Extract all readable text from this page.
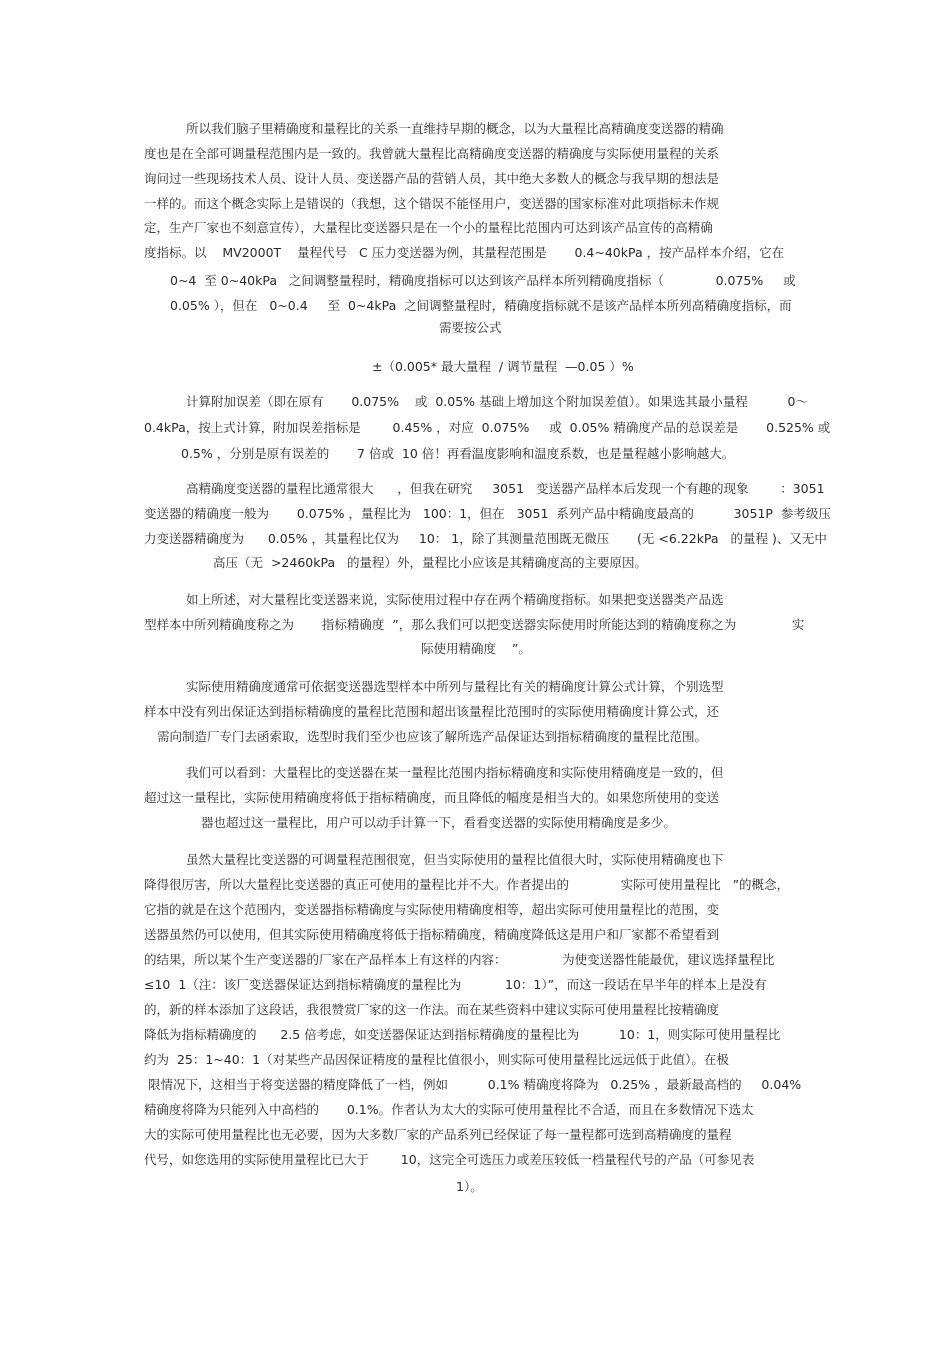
所以我们脑子里精确度和量程比的关系一直维持早期的概念，以为大量程比高精确度变送器的精确
度也是在全部可调量程范围内是一致的。我曾就大量程比高精确度变送器的精确度与实际使用量程的关系
询问过一些现场技术人员、设计人员、变送器产品的营销人员，其中绝大多数人的概念与我早期的想法是
一样的。而这个概念实际上是错误的（我想，这个错误不能怪用户，变送器的国家标准对此项指标未作规
定，生产厂家也不刻意宣传），大量程比变送器只是在一个小的量程比范围内可达到该产品宣传的高精确
度指标。以    MV2000T    量程代号   C 压力变送器为例，其量程范围是       0.4~40kPa ，按产品样本介绍，它在
0~4  至 0~40kPa   之间调整量程时，精确度指标可以达到该产品样本所列精确度指标（             0.075%     或
0.05% ），但在   0~0.4     至  0~4kPa  之间调整量程时，精确度指标就不是该产品样本所列高精确度指标，而
需要按公式
±（0.005* 最大量程  / 调节量程  —0.05 ）%
计算附加误差（即在原有       0.075%    或  0.05% 基础上增加这个附加误差值）。如果选其最小量程          0～
0.4kPa，按上式计算，附加误差指标是        0.45% ，对应  0.075%     或  0.05% 精确度产品的总误差是       0.525% 或
0.5% ，分别是原有误差的       7 倍或  10 倍！再看温度影响和温度系数，也是量程越小影响越大。
高精确度变送器的量程比通常很大      ，但我在研究     3051   变送器产品样本后发现一个有趣的现象        ：3051
变送器的精确度一般为       0.075% ，量程比为   100：1，但在   3051  系列产品中精确度最高的          3051P  参考级压
力变送器精确度为      0.05% ，其量程比仅为     10： 1，除了其测量范围既无微压       (无 <6.22kPa   的量程 )、又无中
高压（无  >2460kPa   的量程）外，量程比小应该是其精确度高的主要原因。
如上所述，对大量程比变送器来说，实际使用过程中存在两个精确度指标。如果把变送器类产品选
型样本中所列精确度称之为       指标精确度  ”，那么我们可以把变送器实际使用时所能达到的精确度称之为              实
际使用精确度    ”。
实际使用精确度通常可依据变送器选型样本中所列与量程比有关的精确度计算公式计算，个别选型
样本中没有列出保证达到指标精确度的量程比范围和超出该量程比范围时的实际使用精确度计算公式，还
需向制造厂专门去函索取，选型时我们至少也应该了解所选产品保证达到指标精确度的量程比范围。
我们可以看到：大量程比的变送器在某一量程比范围内指标精确度和实际使用精确度是一致的，但
超过这一量程比，实际使用精确度将低于指标精确度，而且降低的幅度是相当大的。如果您所使用的变送
器也超过这一量程比，用户可以动手计算一下，看看变送器的实际使用精确度是多少。
虽然大量程比变送器的可调量程范围很宽，但当实际使用的量程比值很大时，实际使用精确度也下
降得很厉害，所以大量程比变送器的真正可使用的量程比并不大。作者提出的             实际可使用量程比   ”的概念，
它指的就是在这个范围内，变送器指标精确度与实际使用精确度相等，超出实际可使用量程比的范围，变
送器虽然仍可以使用，但其实际使用精确度将低于指标精确度，精确度降低这是用户和厂家都不希望看到
的结果，所以某个生产变送器的厂家在产品样本上有这样的内容：              为使变送器性能最优，建议选择量程比
≤10  1（注：该厂变送器保证达到指标精确度的量程比为           10：1）”，而这一段话在早半年的样本上是没有
的，新的样本添加了这段话，我很赞赏厂家的这一作法。而在某些资料中建议实际可使用量程比按精确度
降低为指标精确度的      2.5 倍考虑，如变送器保证达到指标精确度的量程比为          10：1，则实际可使用量程比
约为  25：1~40：1（对某些产品因保证精度的量程比值很小，则实际可使用量程比远远低于此值）。在极
限情况下，这相当于将变送器的精度降低了一档，例如          0.1% 精确度将降为   0.25% ，最新最高档的     0.04%
精确度将降为只能列入中高档的       0.1%。作者认为太大的实际可使用量程比不合适，而且在多数情况下选太
大的实际可使用量程比也无必要，因为大多数厂家的产品系列已经保证了每一量程都可选到高精确度的量程
代号，如您选用的实际使用量程比已大于        10，这完全可选压力或差压较低一档量程代号的产品（可参见表
1）。
